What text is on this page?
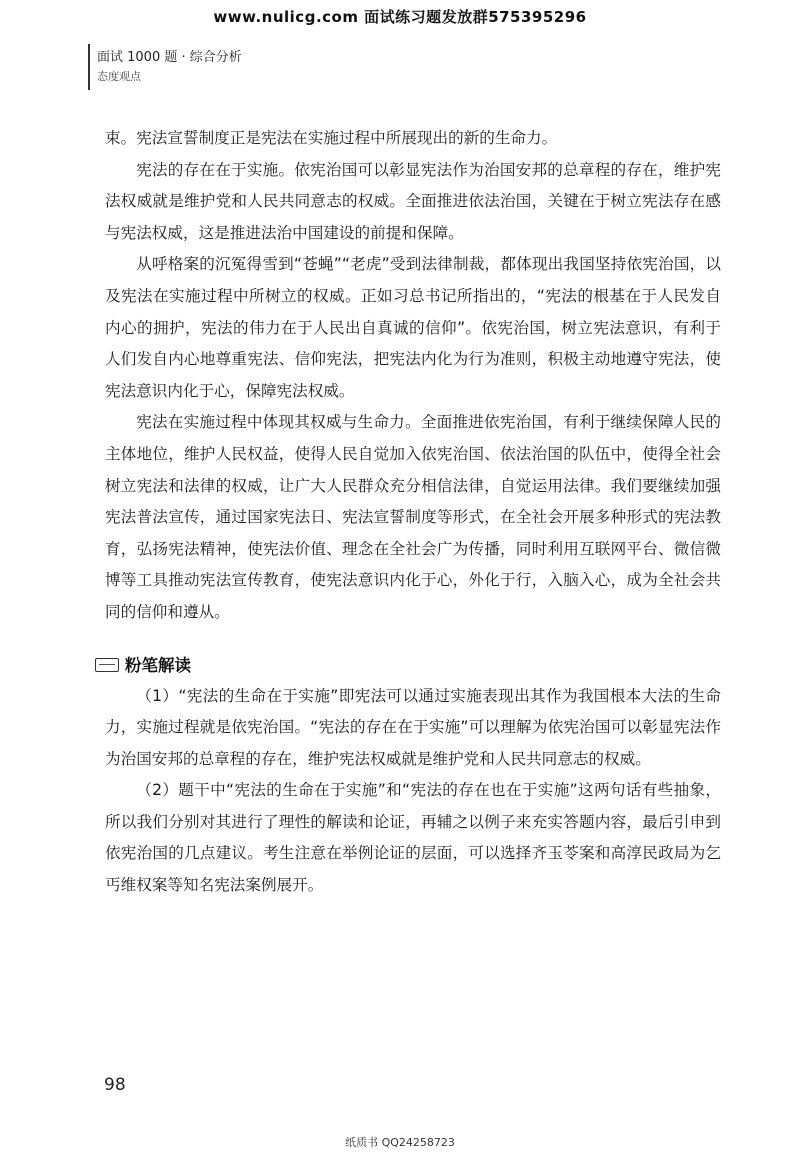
www.nulicg.com 面试练习题发放群575395296
面试 1000 题 · 综合分析
态度观点

束。宪法宣誓制度正是宪法在实施过程中所展现出的新的生命力。

宪法的存在在于实施。依宪治国可以彰显宪法作为治国安邦的总章程的存在，维护宪法权威就是维护党和人民共同意志的权威。全面推进依法治国，关键在于树立宪法存在感与宪法权威，这是推进法治中国建设的前提和保障。

从呼格案的沉冤得雪到“苍蝇”“老虎”受到法律制裁，都体现出我国坚持依宪治国，以及宪法在实施过程中所树立的权威。正如习总书记所指出的，“宪法的根基在于人民发自内心的拥护，宪法的伟力在于人民出自真诚的信仰”。依宪治国，树立宪法意识，有利于人们发自内心地尊重宪法、信仰宪法，把宪法内化为行为准则，积极主动地遵守宪法，使宪法意识内化于心，保障宪法权威。

宪法在实施过程中体现其权威与生命力。全面推进依宪治国，有利于继续保障人民的主体地位，维护人民权益，使得人民自觉加入依宪治国、依法治国的队伍中，使得全社会树立宪法和法律的权威，让广大人民群众充分相信法律，自觉运用法律。我们要继续加强宪法普法宣传，通过国家宪法日、宪法宣誓制度等形式，在全社会开展多种形式的宪法教育，弘扬宪法精神，使宪法价值、理念在全社会广为传播，同时利用互联网平台、微信微博等工具推动宪法宣传教育，使宪法意识内化于心，外化于行，入脑入心，成为全社会共同的信仰和遵从。

粉笔解读

（1）“宪法的生命在于实施”即宪法可以通过实施表现出其作为我国根本大法的生命力，实施过程就是依宪治国。“宪法的存在在于实施”可以理解为依宪治国可以彰显宪法作为治国安邦的总章程的存在，维护宪法权威就是维护党和人民共同意志的权威。

（2）题干中“宪法的生命在于实施”和“宪法的存在也在于实施”这两句话有些抽象，所以我们分别对其进行了理性的解读和论证，再辅之以例子来充实答题内容，最后引申到依宪治国的几点建议。考生注意在举例论证的层面，可以选择齐玉苓案和高淳民政局为乞丐维权案等知名宪法案例展开。

98
纸质书 QQ24258723
